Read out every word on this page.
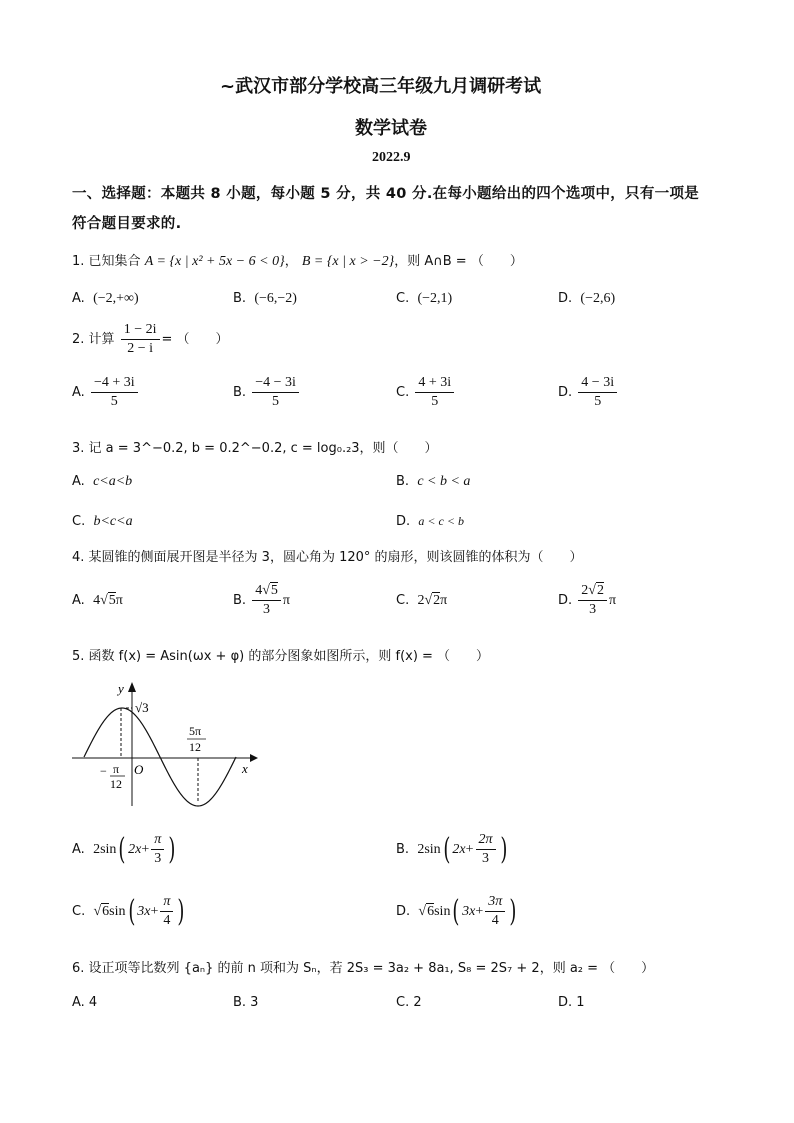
~武汉市部分学校高三年级九月调研考试
数学试卷
2022.9
一、选择题：本题共 8 小题，每小题 5 分，共 40 分.在每小题给出的四个选项中，只有一项是
符合题目要求的.
1. 已知集合 A = {x | x² + 5x − 6 < 0}， B = {x | x > −2}，则 A∩B = （　　）
A. (−2,+∞)	B. (−6,−2)	C. (−2,1)	D. (−2,6)
2. 计算 $\frac{1 - 2i}{2 - i}$ = （　　）
A. $\frac{-4 + 3i}{5}$	B. $\frac{-4 - 3i}{5}$	C. $\frac{4 + 3i}{5}$	D. $\frac{4 - 3i}{5}$
3. 记 a = 3^−0.2, b = 0.2^−0.2, c = log₀.₂3，则（　　）
A. c<a<b	B. c < b < a
C. b<c<a	D. a < c < b
4. 某圆锥的侧面展开图是半径为 3，圆心角为 120° 的扇形，则该圆锥的体积为（　　）
A. 4√5π	B. $\frac{4√5}{3}$ π	C. 2√2π	D. $\frac{2√2}{3}$ π
5. 函数 f(x) = Asin(ωx + φ) 的部分图象如图所示，则 f(x) = （　　）
y
x
O
√3
− π
12
5π
12
A. 2sin( $2x+ \frac{\pi}{3}$ )	B. 2sin( $2x+ \frac{2\pi}{3}$ )
C. √6sin( $3x+ \frac{\pi}{4}$ )	D. √6sin( $3x+ \frac{3\pi}{4}$ )
6. 设正项等比数列 {aₙ} 的前 n 项和为 Sₙ，若 2S₃ = 3a₂ + 8a₁, S₈ = 2S₇ + 2，则 a₂ = （　　）
A. 4	B. 3	C. 2	D. 1
